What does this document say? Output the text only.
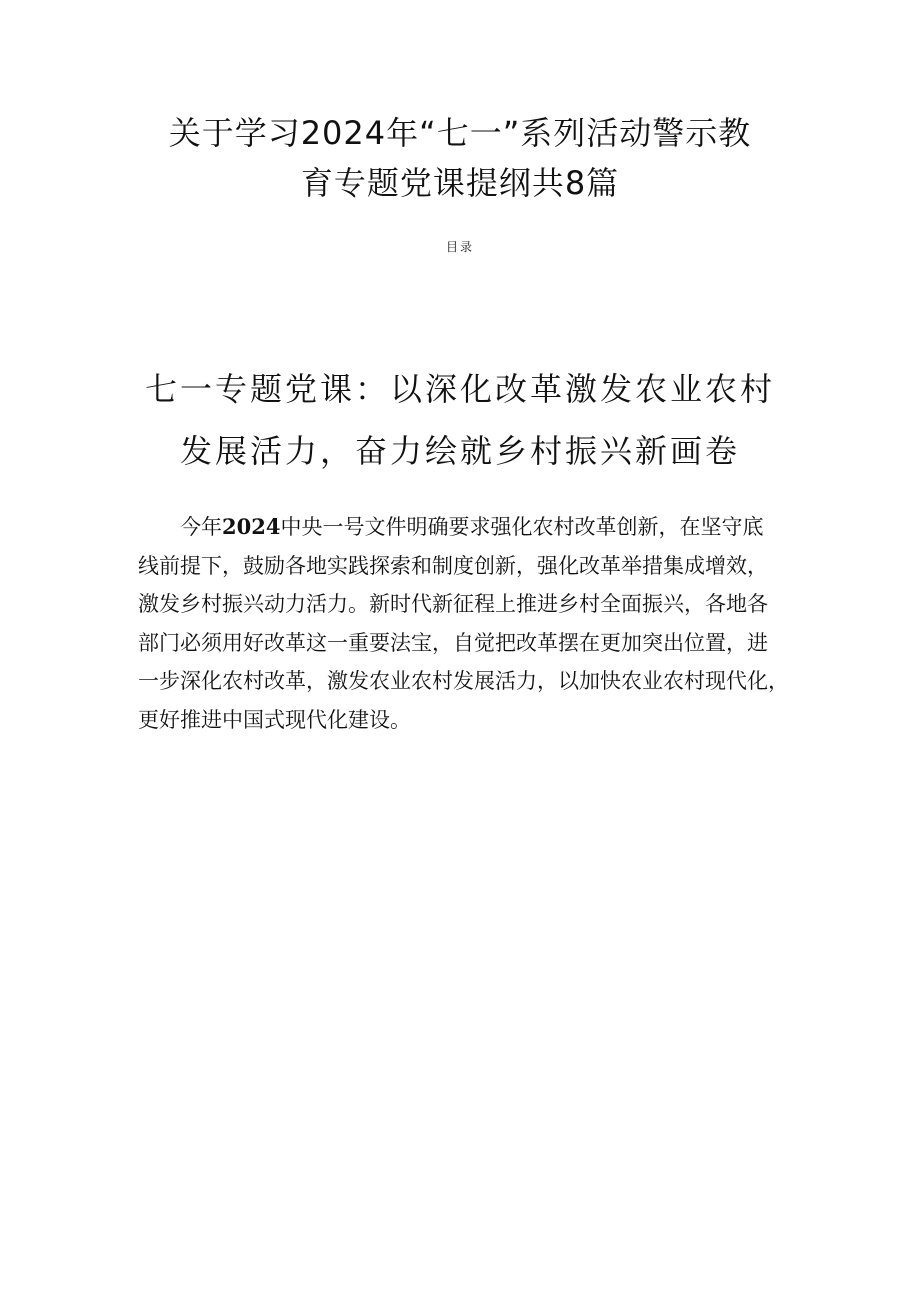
关于学习2024年“七一”系列活动警示教
育专题党课提纲共8篇
目录
七一专题党课：以深化改革激发农业农村
发展活力，奋力绘就乡村振兴新画卷

今年2024中央一号文件明确要求强化农村改革创新，在坚守底
线前提下，鼓励各地实践探索和制度创新，强化改革举措集成增效，
激发乡村振兴动力活力。新时代新征程上推进乡村全面振兴，各地各
部门必须用好改革这一重要法宝，自觉把改革摆在更加突出位置，进
一步深化农村改革，激发农业农村发展活力，以加快农业农村现代化，
更好推进中国式现代化建设。
